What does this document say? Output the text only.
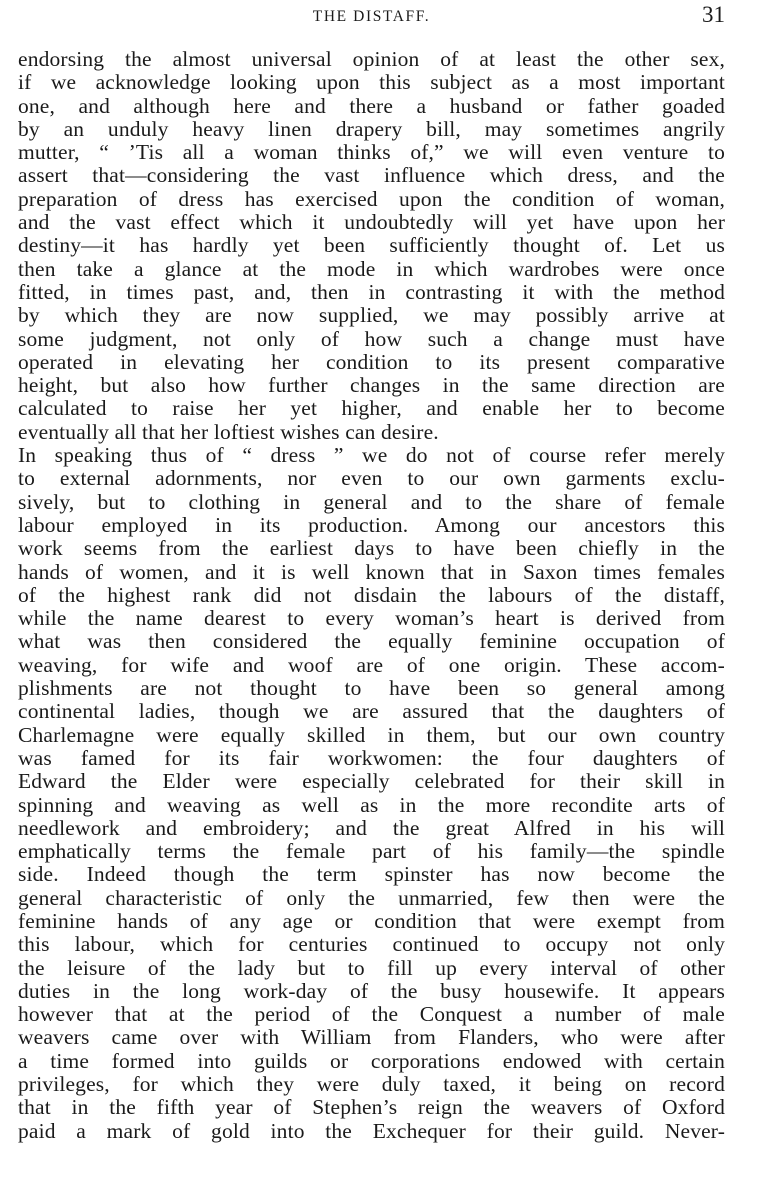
THE DISTAFF.	31
endorsing the almost universal opinion of at least the other sex,
if we acknowledge looking upon this subject as a most important
one, and although here and there a husband or father goaded
by an unduly heavy linen drapery bill, may sometimes angrily
mutter, “ ’Tis all a woman thinks of,” we will even venture to
assert that—considering the vast influence which dress, and the
preparation of dress has exercised upon the condition of woman,
and the vast effect which it undoubtedly will yet have upon her
destiny—it has hardly yet been sufficiently thought of. Let us
then take a glance at the mode in which wardrobes were once
fitted, in times past, and, then in contrasting it with the method
by which they are now supplied, we may possibly arrive at
some judgment, not only of how such a change must have
operated in elevating her condition to its present comparative
height, but also how further changes in the same direction are
calculated to raise her yet higher, and enable her to become
eventually all that her loftiest wishes can desire.
In speaking thus of “ dress ” we do not of course refer merely
to external adornments, nor even to our own garments exclu-
sively, but to clothing in general and to the share of female
labour employed in its production. Among our ancestors this
work seems from the earliest days to have been chiefly in the
hands of women, and it is well known that in Saxon times females
of the highest rank did not disdain the labours of the distaff,
while the name dearest to every woman’s heart is derived from
what was then considered the equally feminine occupation of
weaving, for wife and woof are of one origin. These accom-
plishments are not thought to have been so general among
continental ladies, though we are assured that the daughters of
Charlemagne were equally skilled in them, but our own country
was famed for its fair workwomen: the four daughters of
Edward the Elder were especially celebrated for their skill in
spinning and weaving as well as in the more recondite arts of
needlework and embroidery; and the great Alfred in his will
emphatically terms the female part of his family—the spindle
side. Indeed though the term spinster has now become the
general characteristic of only the unmarried, few then were the
feminine hands of any age or condition that were exempt from
this labour, which for centuries continued to occupy not only
the leisure of the lady but to fill up every interval of other
duties in the long work-day of the busy housewife. It appears
however that at the period of the Conquest a number of male
weavers came over with William from Flanders, who were after
a time formed into guilds or corporations endowed with certain
privileges, for which they were duly taxed, it being on record
that in the fifth year of Stephen’s reign the weavers of Oxford
paid a mark of gold into the Exchequer for their guild. Never-
